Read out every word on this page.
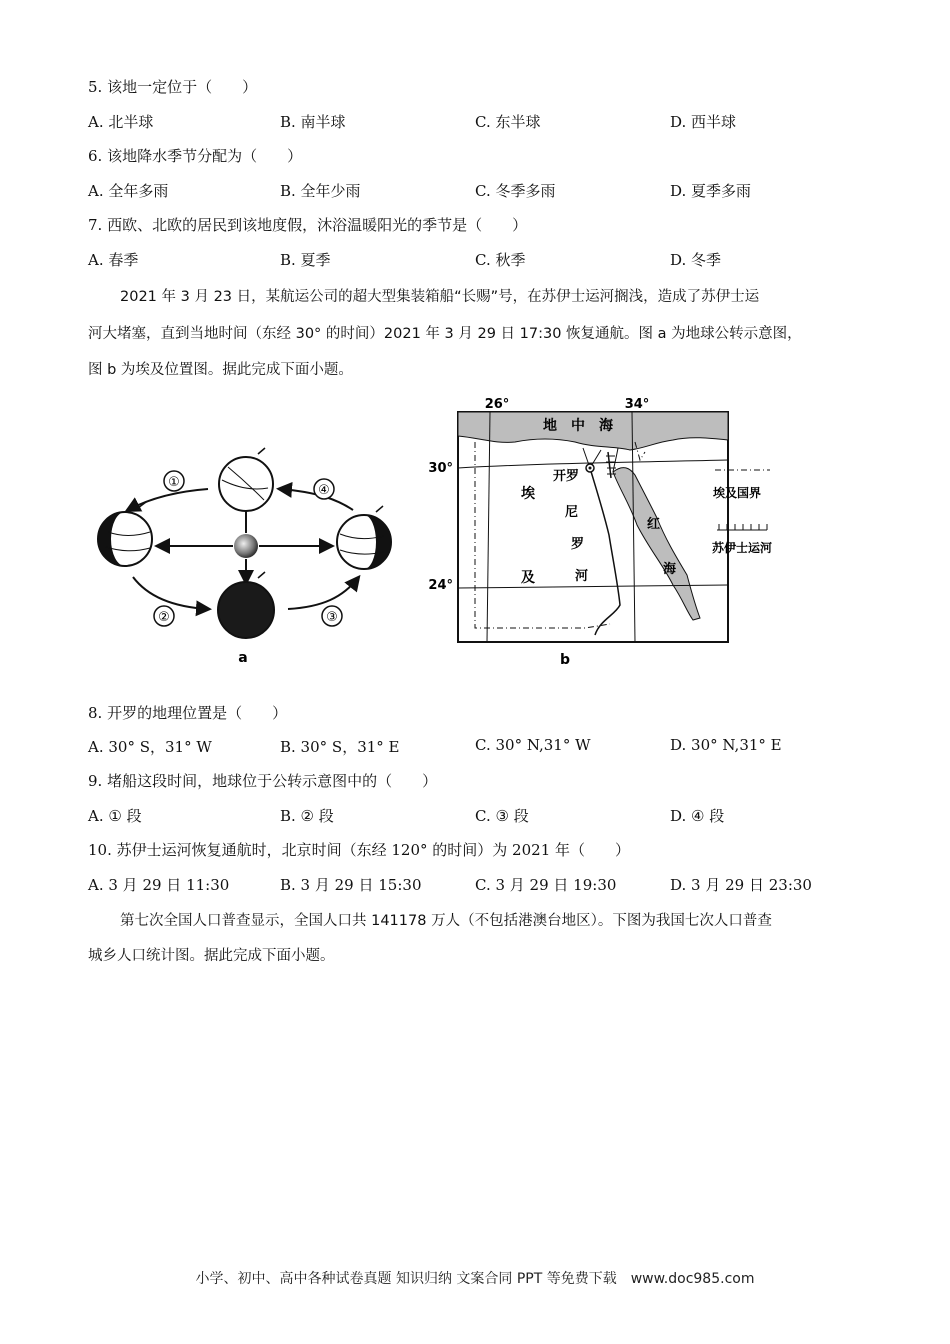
5. 该地一定位于（　　）
A. 北半球	B. 南半球	C. 东半球	D. 西半球
6. 该地降水季节分配为（　　）
A. 全年多雨	B. 全年少雨	C. 冬季多雨	D. 夏季多雨
7. 西欧、北欧的居民到该地度假，沐浴温暖阳光的季节是（　　）
A. 春季	B. 夏季	C. 秋季	D. 冬季
2021 年 3 月 23 日，某航运公司的超大型集装箱船“长赐”号，在苏伊士运河搁浅，造成了苏伊士运
河大堵塞，直到当地时间（东经 30° 的时间）2021 年 3 月 29 日 17:30 恢复通航。图 a 为地球公转示意图，
图 b 为埃及位置图。据此完成下面小题。
①
②	③
④
a
26°	34°
地　中　海
红
海
30°
24°
开罗
埃
及
尼
罗
河
埃及国界
苏伊士运河
b
8. 开罗的地理位置是（　　）
A. 30° S，31° W	B. 30° S，31° E	C. 30° N,31° W	D. 30° N,31° E
9. 堵船这段时间，地球位于公转示意图中的（　　）
A. ① 段	B. ② 段	C. ③ 段	D. ④ 段
10. 苏伊士运河恢复通航时，北京时间（东经 120° 的时间）为 2021 年（　　）
A. 3 月 29 日 11:30	B. 3 月 29 日 15:30	C. 3 月 29 日 19:30	D. 3 月 29 日 23:30
第七次全国人口普查显示，全国人口共 141178 万人（不包括港澳台地区）。下图为我国七次人口普查
城乡人口统计图。据此完成下面小题。
小学、初中、高中各种试卷真题 知识归纳 文案合同 PPT 等免费下载　www.doc985.com
